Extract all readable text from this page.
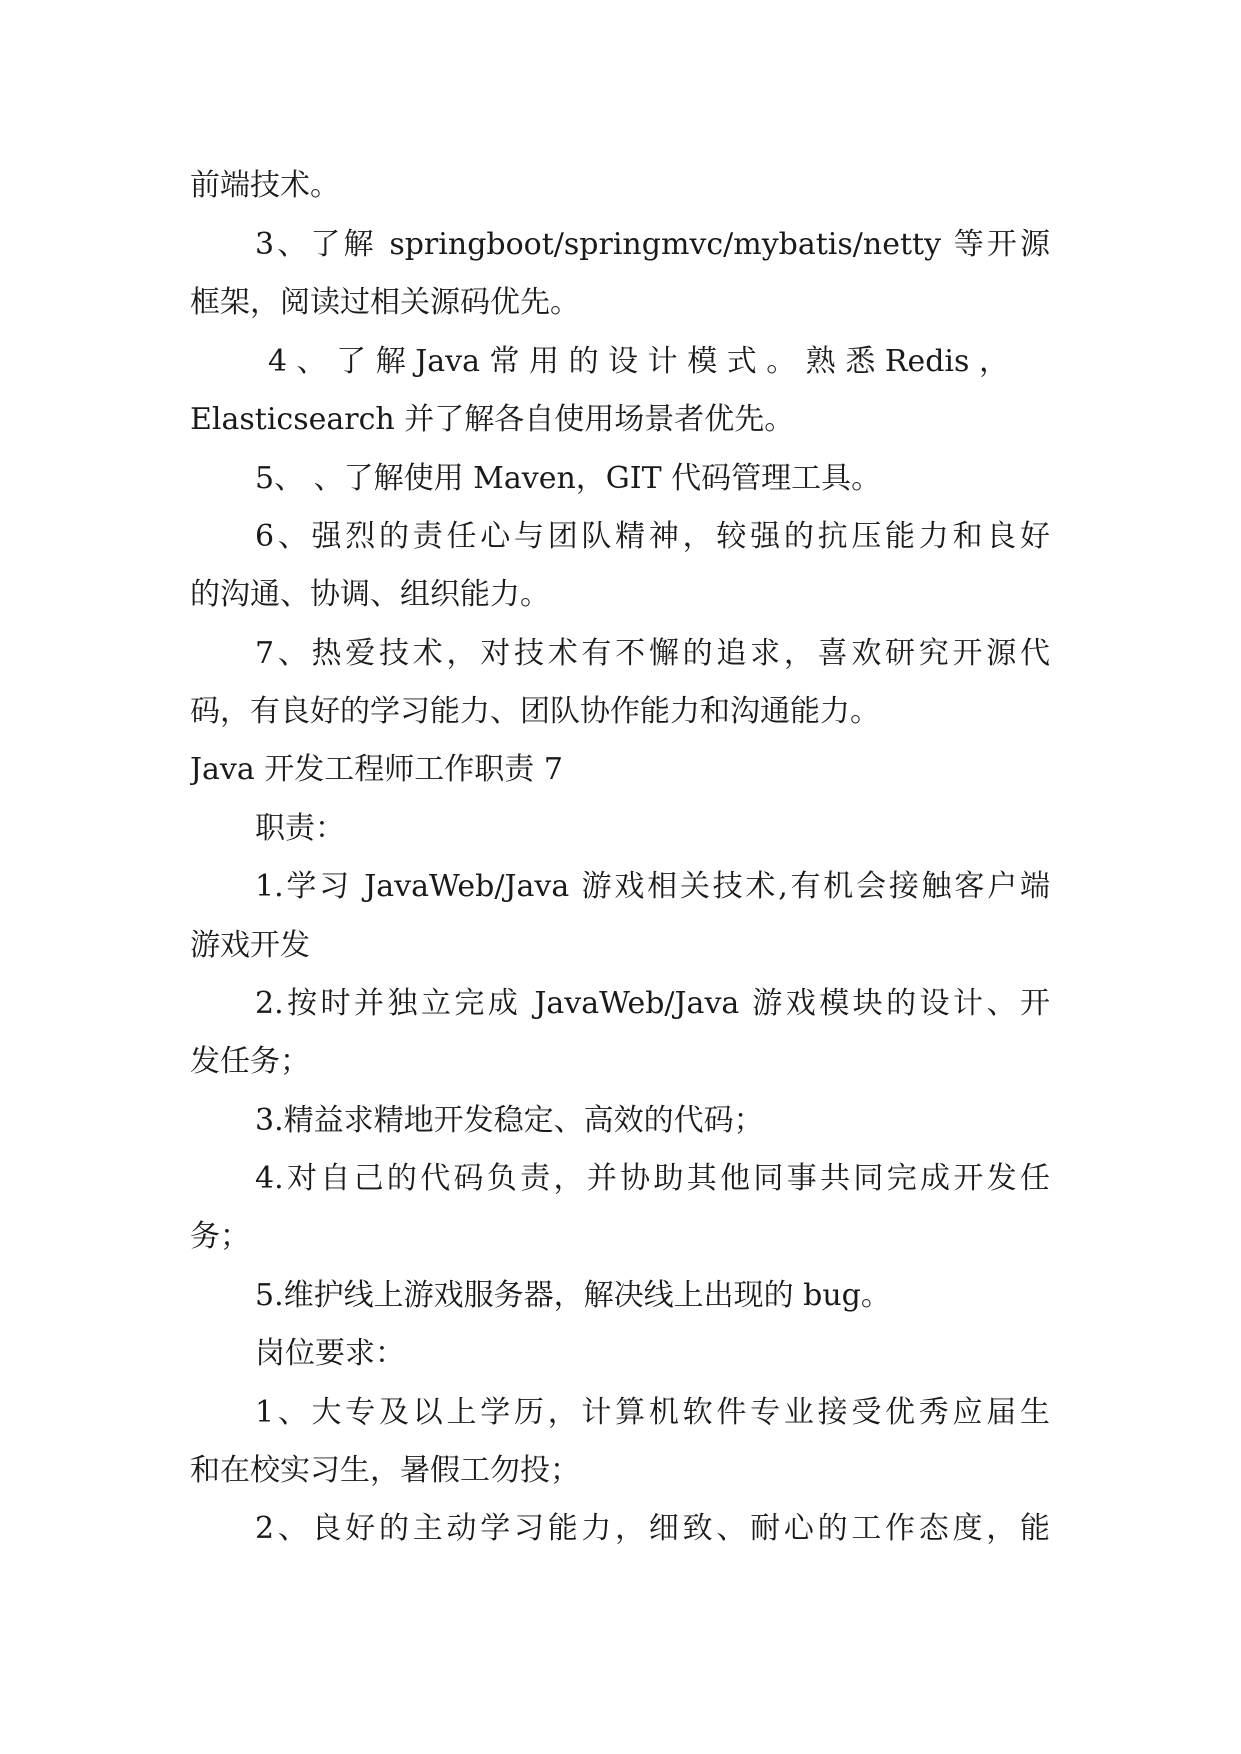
前端技术。
3、了解 springboot/springmvc/mybatis/netty 等开源
框架，阅读过相关源码优先。
4 、 了 解 Java 常 用 的 设 计 模 式 。 熟 悉 Redis ，
Elasticsearch 并了解各自使用场景者优先。
5、 、了解使用 Maven，GIT 代码管理工具。
6、强烈的责任心与团队精神，较强的抗压能力和良好
的沟通、协调、组织能力。
7、热爱技术，对技术有不懈的追求，喜欢研究开源代
码，有良好的学习能力、团队协作能力和沟通能力。
Java 开发工程师工作职责 7
职责：
1.学习 JavaWeb/Java 游戏相关技术,有机会接触客户端
游戏开发
2.按时并独立完成 JavaWeb/Java 游戏模块的设计、开
发任务；
3.精益求精地开发稳定、高效的代码；
4.对自己的代码负责，并协助其他同事共同完成开发任
务；
5.维护线上游戏服务器，解决线上出现的 bug。
岗位要求：
1、大专及以上学历，计算机软件专业接受优秀应届生
和在校实习生，暑假工勿投；
2、良好的主动学习能力，细致、耐心的工作态度，能
